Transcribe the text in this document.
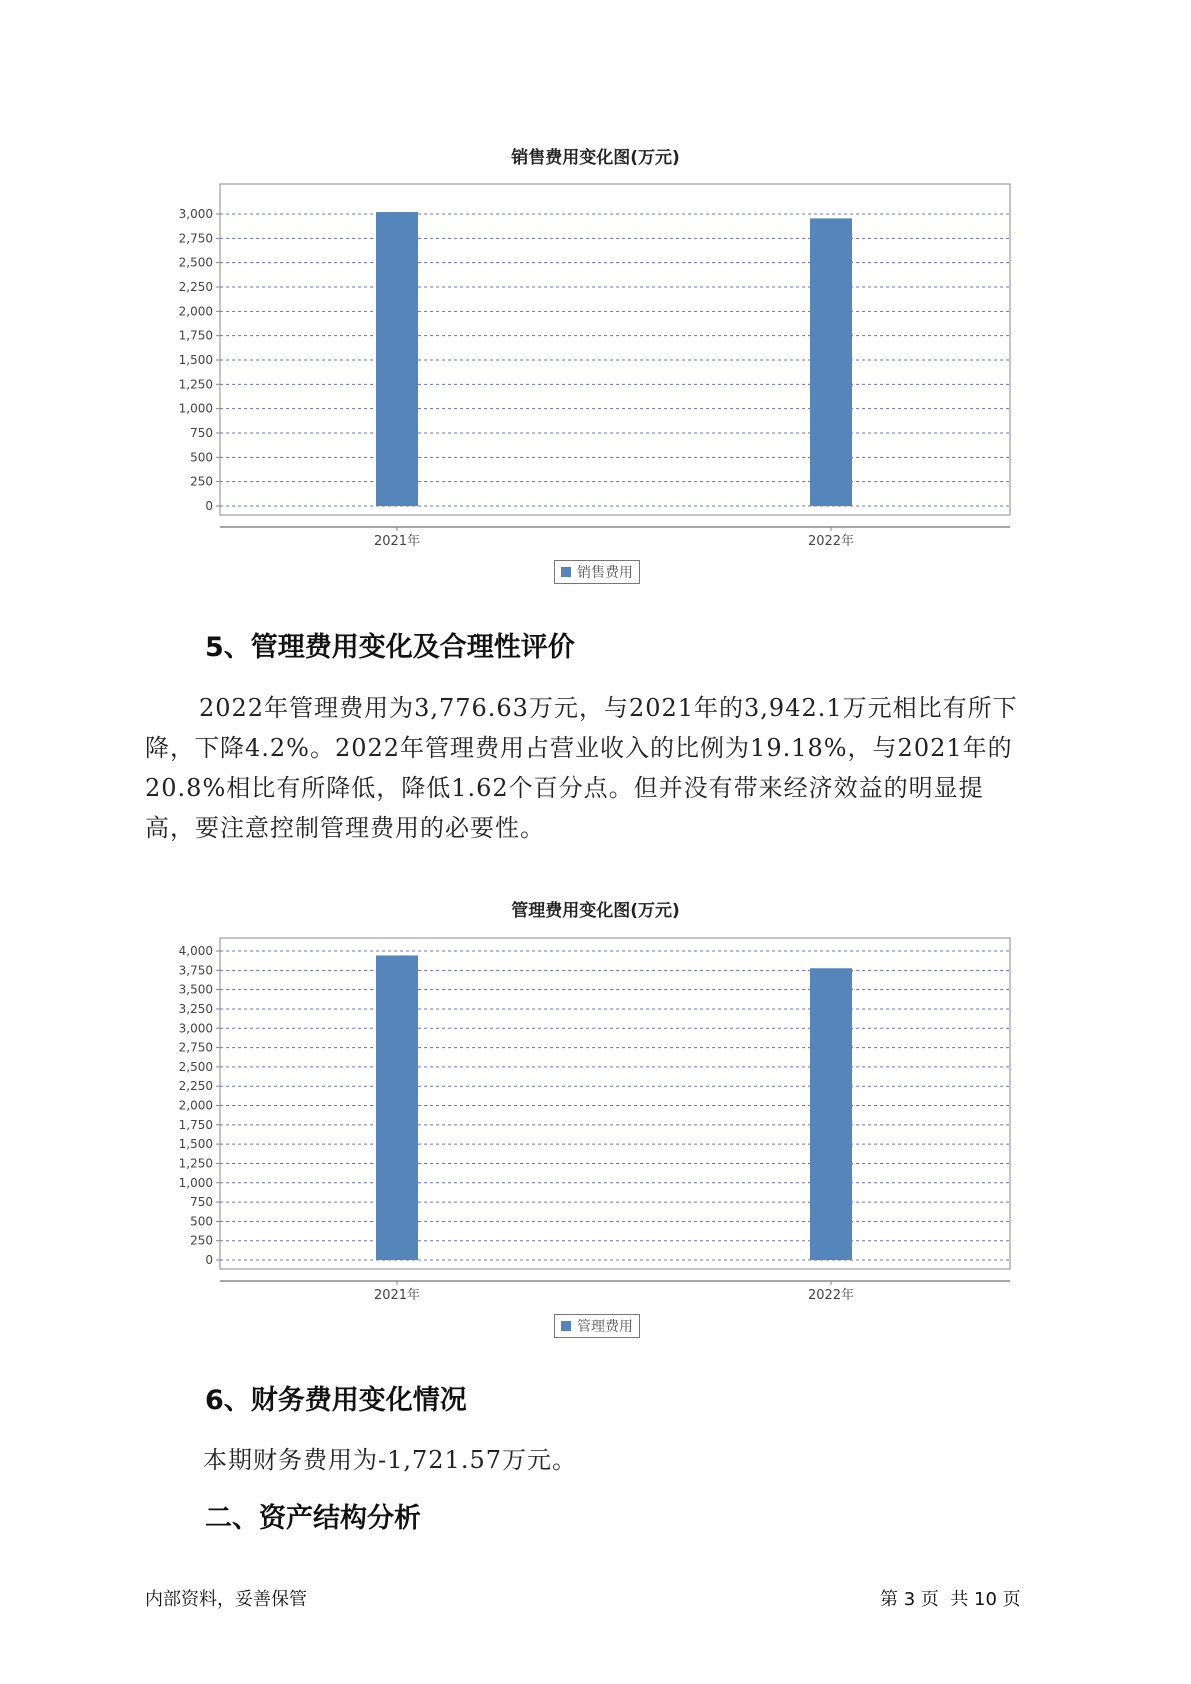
销售费用变化图(万元)
0
250
500
750
1,000
1,250
1,500
1,750
2,000
2,250
2,500
2,750
3,000
2021年	2022年
销售费用
5、管理费用变化及合理性评价
2022年管理费用为3,776.63万元，与2021年的3,942.1万元相比有所下
降，下降4.2%。2022年管理费用占营业收入的比例为19.18%，与2021年的
20.8%相比有所降低，降低1.62个百分点。但并没有带来经济效益的明显提
高，要注意控制管理费用的必要性。
管理费用变化图(万元)
0
250
500
750
1,000
1,250
1,500
1,750
2,000
2,250
2,500
2,750
3,000
3,250
3,500
3,750
4,000
2021年	2022年
管理费用
6、财务费用变化情况
本期财务费用为-1,721.57万元。
二、资产结构分析
内部资料，妥善保管	第 3 页  共 10 页
